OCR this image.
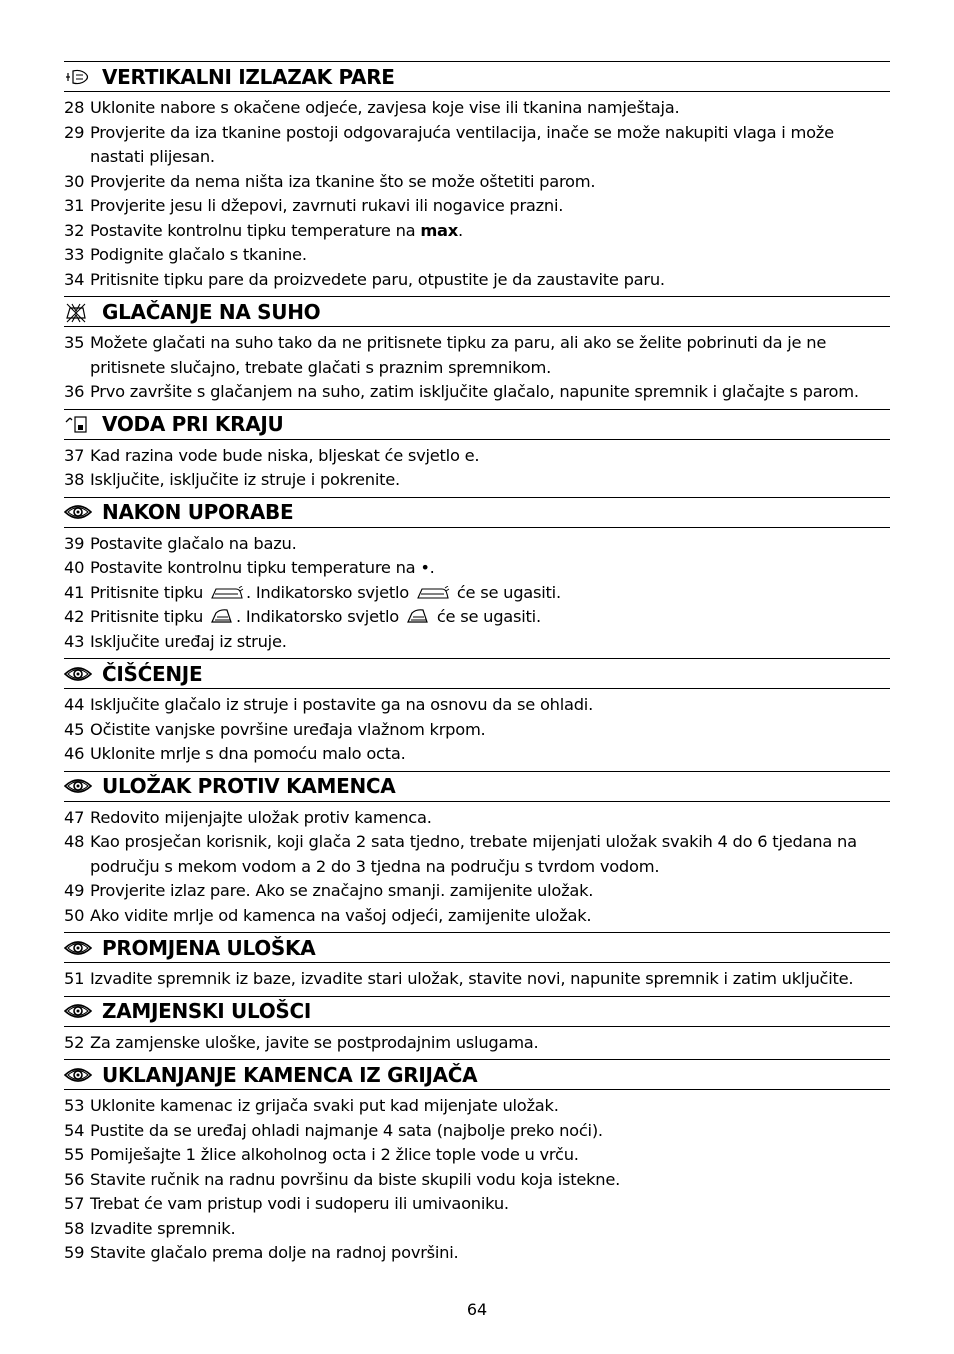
VERTIKALNI IZLAZAK PARE
28 Uklonite nabore s okačene odjeće, zavjesa koje vise ili tkanina namještaja.
29 Provjerite da iza tkanine postoji odgovarajuća ventilacija, inače se može nakupiti vlaga i može nastati plijesan.
30 Provjerite da nema ništa iza tkanine što se može oštetiti parom.
31 Provjerite jesu li džepovi, zavrnuti rukavi ili nogavice prazni.
32 Postavite kontrolnu tipku temperature na max.
33 Podignite glačalo s tkanine.
34 Pritisnite tipku pare da proizvedete paru, otpustite je da zaustavite paru.
GLAČANJE NA SUHO
35 Možete glačati na suho tako da ne pritisnete tipku za paru, ali ako se želite pobrinuti da je ne pritisnete slučajno, trebate glačati s praznim spremnikom.
36 Prvo završite s glačanjem na suho, zatim isključite glačalo, napunite spremnik i glačajte s parom.
VODA PRI KRAJU
37 Kad razina vode bude niska, bljeskat će svjetlo e.
38 Isključite, isključite iz struje i pokrenite.
NAKON UPORABE
39 Postavite glačalo na bazu.
40 Postavite kontrolnu tipku temperature na •.
41 Pritisnite tipku	. Indikatorsko svjetlo	će se ugasiti.
42 Pritisnite tipku . Indikatorsko svjetlo  će se ugasiti.
43 Isključite uređaj iz struje.
ČIŠĆENJE
44 Isključite glačalo iz struje i postavite ga na osnovu da se ohladi.
45 Očistite vanjske površine uređaja vlažnom krpom.
46 Uklonite mrlje s dna pomoću malo octa.
ULOŽAK PROTIV KAMENCA
47 Redovito mijenjajte uložak protiv kamenca.
48 Kao prosječan korisnik, koji glača 2 sata tjedno, trebate mijenjati uložak svakih 4 do 6 tjedana na području s mekom vodom a 2 do 3 tjedna na području s tvrdom vodom.
49 Provjerite izlaz pare. Ako se značajno smanji. zamijenite uložak.
50 Ako vidite mrlje od kamenca na vašoj odjeći, zamijenite uložak.
PROMJENA ULOŠKA
51 Izvadite spremnik iz baze, izvadite stari uložak, stavite novi, napunite spremnik i zatim uključite.
ZAMJENSKI ULOŠCI
52 Za zamjenske uloške, javite se postprodajnim uslugama.
UKLANJANJE KAMENCA IZ GRIJAČA
53 Uklonite kamenac iz grijača svaki put kad mijenjate uložak.
54 Pustite da se uređaj ohladi najmanje 4 sata (najbolje preko noći).
55 Pomiješajte 1 žlice alkoholnog octa i 2 žlice tople vode u vrču.
56 Stavite ručnik na radnu površinu da biste skupili vodu koja istekne.
57 Trebat će vam pristup vodi i sudoperu ili umivaoniku.
58 Izvadite spremnik.
59 Stavite glačalo prema dolje na radnoj površini.
64
